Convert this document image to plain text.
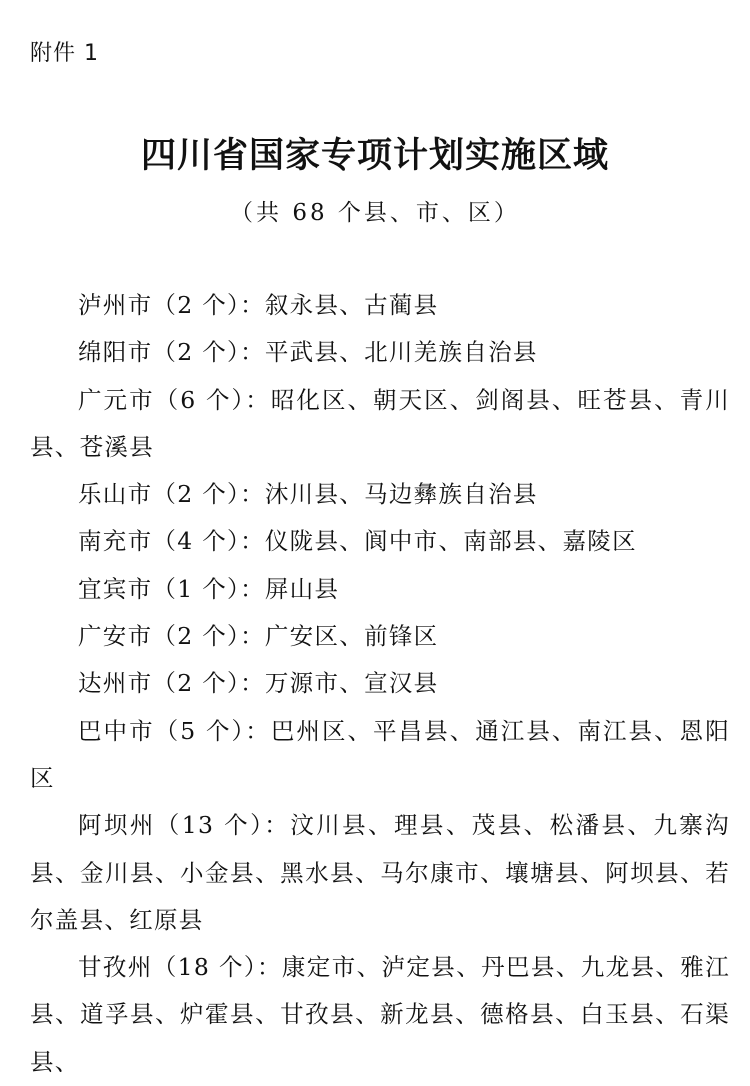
附件 1

四川省国家专项计划实施区域

（共 68 个县、市、区）

泸州市（2 个）：叙永县、古蔺县

绵阳市（2 个）：平武县、北川羌族自治县

广元市（6 个）：昭化区、朝天区、剑阁县、旺苍县、青川县、苍溪县

乐山市（2 个）：沐川县、马边彝族自治县

南充市（4 个）：仪陇县、阆中市、南部县、嘉陵区

宜宾市（1 个）：屏山县

广安市（2 个）：广安区、前锋区

达州市（2 个）：万源市、宣汉县

巴中市（5 个）：巴州区、平昌县、通江县、南江县、恩阳区

阿坝州（13 个）：汶川县、理县、茂县、松潘县、九寨沟县、金川县、小金县、黑水县、马尔康市、壤塘县、阿坝县、若尔盖县、红原县

甘孜州（18 个）：康定市、泸定县、丹巴县、九龙县、雅江县、道孚县、炉霍县、甘孜县、新龙县、德格县、白玉县、石渠县、
